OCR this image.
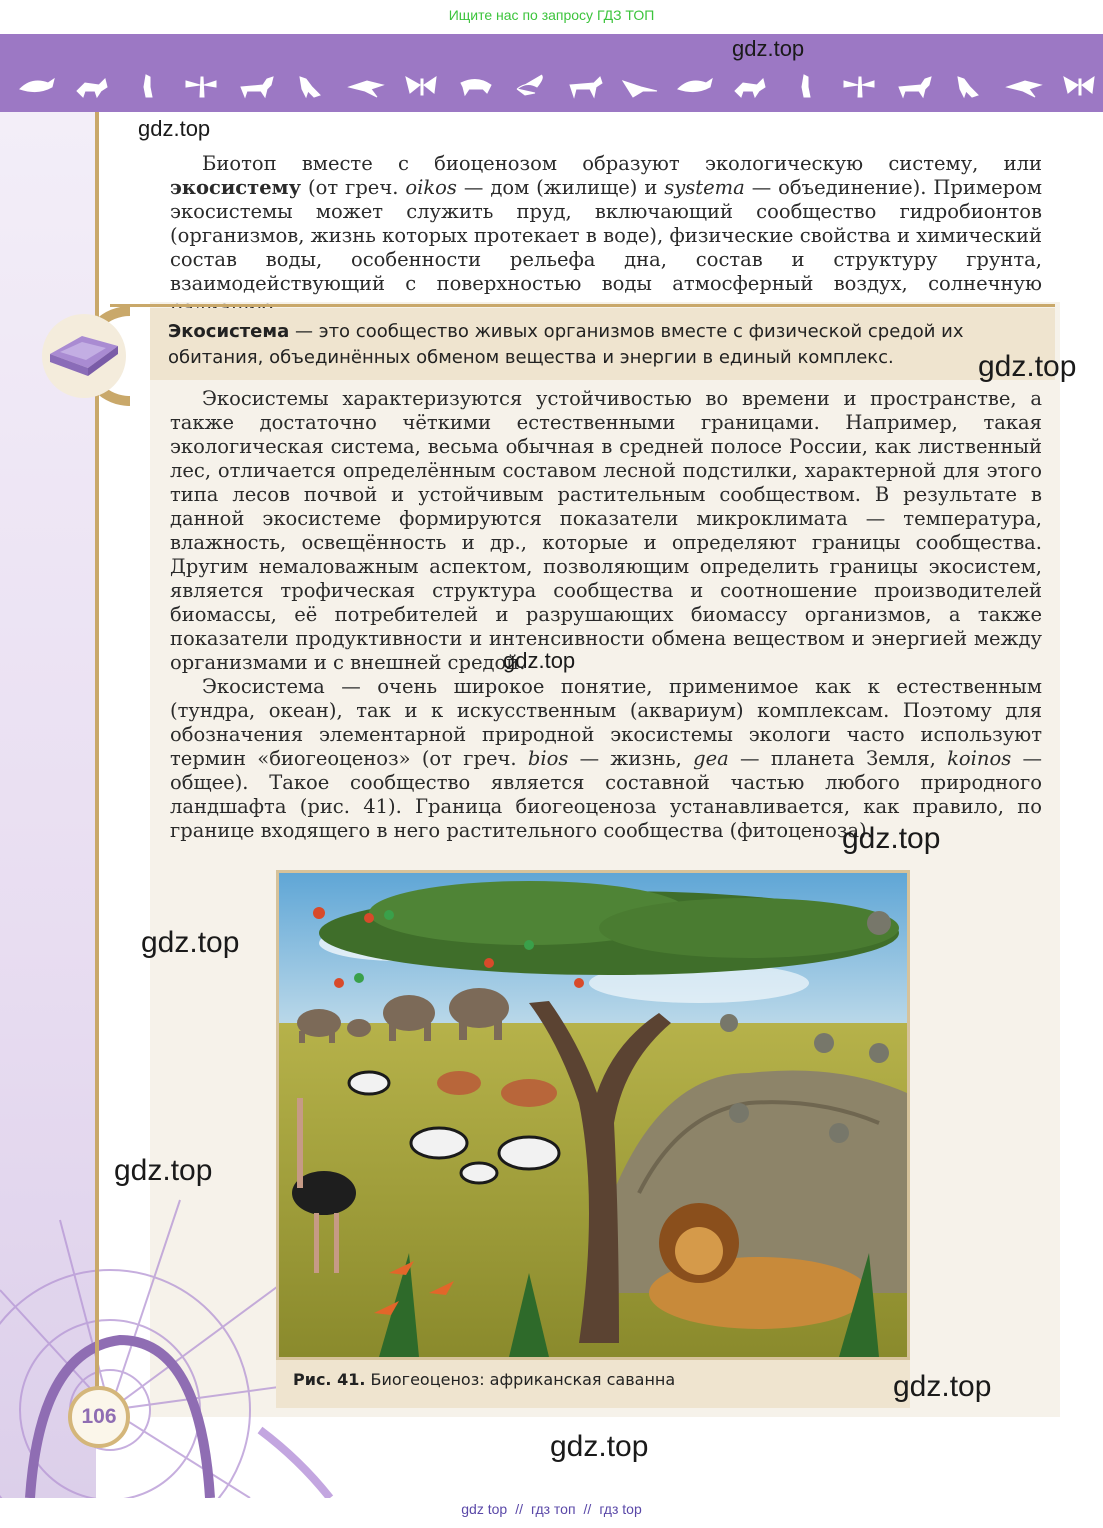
Ищите нас по запросу ГДЗ ТОП

Биотоп вместе с биоценозом образуют экологическую систему, или экосистему (от греч. oikos — дом (жилище) и systema — объединение). Примером экосистемы может служить пруд, включающий сообщество гидробионтов (организмов, жизнь которых протекает в воде), физические свойства и химический состав воды, особенности рельефа дна, состав и структуру грунта, взаимодействующий с поверхностью воды атмосферный воздух, солнечную

Экосистема — это сообщество живых организмов вместе с физической средой их обитания, объединённых обменом вещества и энергии в единый комплекс.

Экосистемы характеризуются устойчивостью во времени и пространстве, а также достаточно чёткими естественными границами. Например, такая экологическая система, весьма обычная в средней полосе России, как лиственный лес, отличается определённым составом лесной подстилки, характерной для этого типа лесов почвой и устойчивым растительным сообществом. В результате в данной экосистеме формируются показатели микроклимата — температура, влажность, освещённость и др., которые и определяют границы сообщества. Другим немаловажным аспектом, позволяющим определить границы экосистем, является трофическая структура сообщества и соотношение производителей биомассы, её потребителей и разрушающих биомассу организмов, а также показатели продуктивности и интенсивности обмена веществом и энергией между организмами и с внешней средой.

Экосистема — очень широкое понятие, применимое как к естественным (тундра, океан), так и к искусственным (аквариум) комплексам. Поэтому для обозначения элементарной природной экосистемы экологи часто используют термин «биогеоценоз» (от греч. bios — жизнь, gea — планета Земля, koinos — общее). Такое сообщество является составной частью любого природного ландшафта (рис. 41). Граница биогеоценоза устанавливается, как правило, по границе входящего в него растительного сообщества (фитоценоза).

Рис. 41. Биогеоценоз: африканская саванна

106
gdz.top
gdz.top
gdz.top
gdz.top
gdz.top
gdz.top
gdz.top
gdz.top
gdz.top
gdz top // гдз топ // гдз top
